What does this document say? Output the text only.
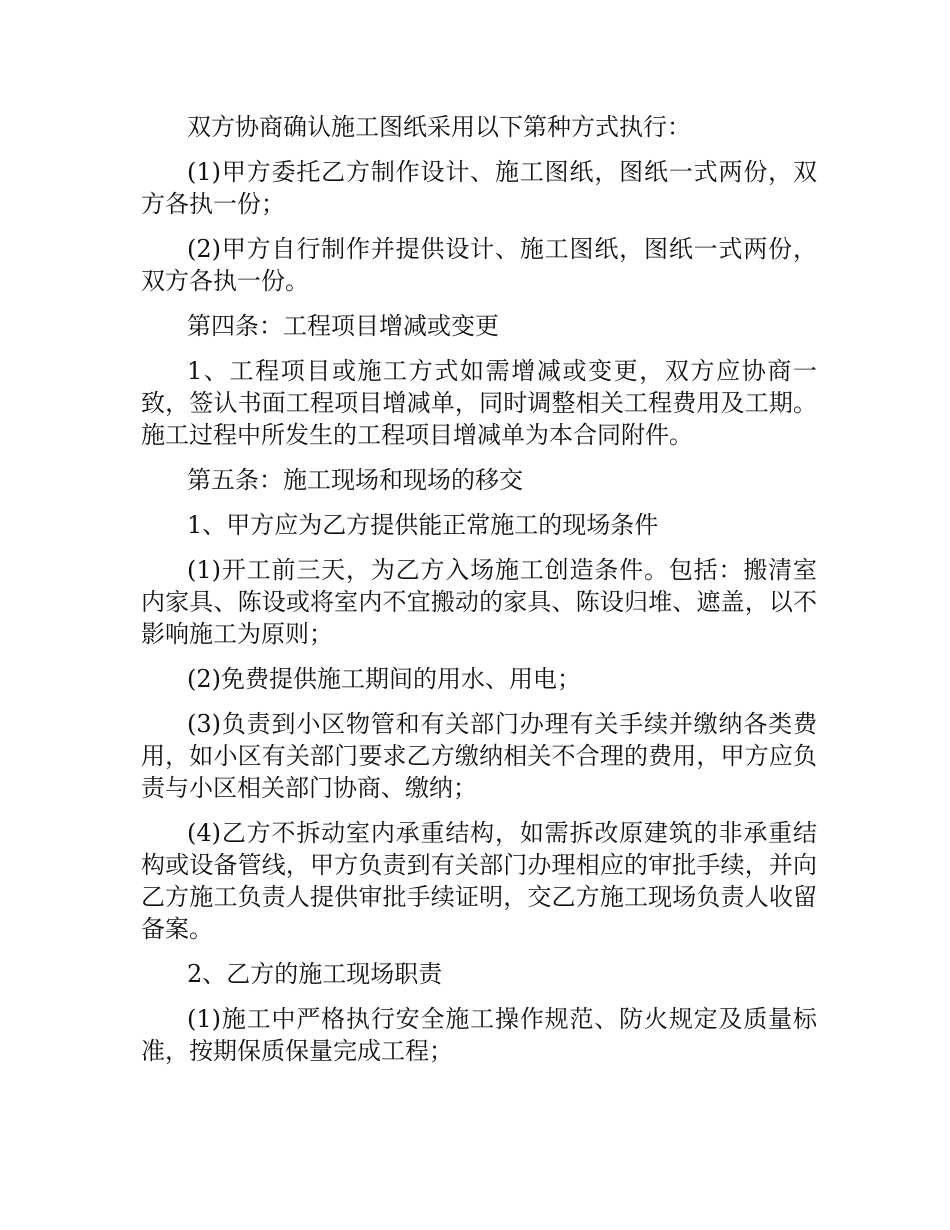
双方协商确认施工图纸采用以下第种方式执行：

(1)甲方委托乙方制作设计、施工图纸，图纸一式两份，双方各执一份；

(2)甲方自行制作并提供设计、施工图纸，图纸一式两份，双方各执一份。

第四条：工程项目增减或变更

1、工程项目或施工方式如需增减或变更，双方应协商一致，签认书面工程项目增减单，同时调整相关工程费用及工期。施工过程中所发生的工程项目增减单为本合同附件。

第五条：施工现场和现场的移交

1、甲方应为乙方提供能正常施工的现场条件

(1)开工前三天，为乙方入场施工创造条件。包括：搬清室内家具、陈设或将室内不宜搬动的家具、陈设归堆、遮盖，以不影响施工为原则；

(2)免费提供施工期间的用水、用电；

(3)负责到小区物管和有关部门办理有关手续并缴纳各类费用，如小区有关部门要求乙方缴纳相关不合理的费用，甲方应负责与小区相关部门协商、缴纳；

(4)乙方不拆动室内承重结构，如需拆改原建筑的非承重结构或设备管线，甲方负责到有关部门办理相应的审批手续，并向乙方施工负责人提供审批手续证明，交乙方施工现场负责人收留备案。

2、乙方的施工现场职责

(1)施工中严格执行安全施工操作规范、防火规定及质量标准，按期保质保量完成工程；
